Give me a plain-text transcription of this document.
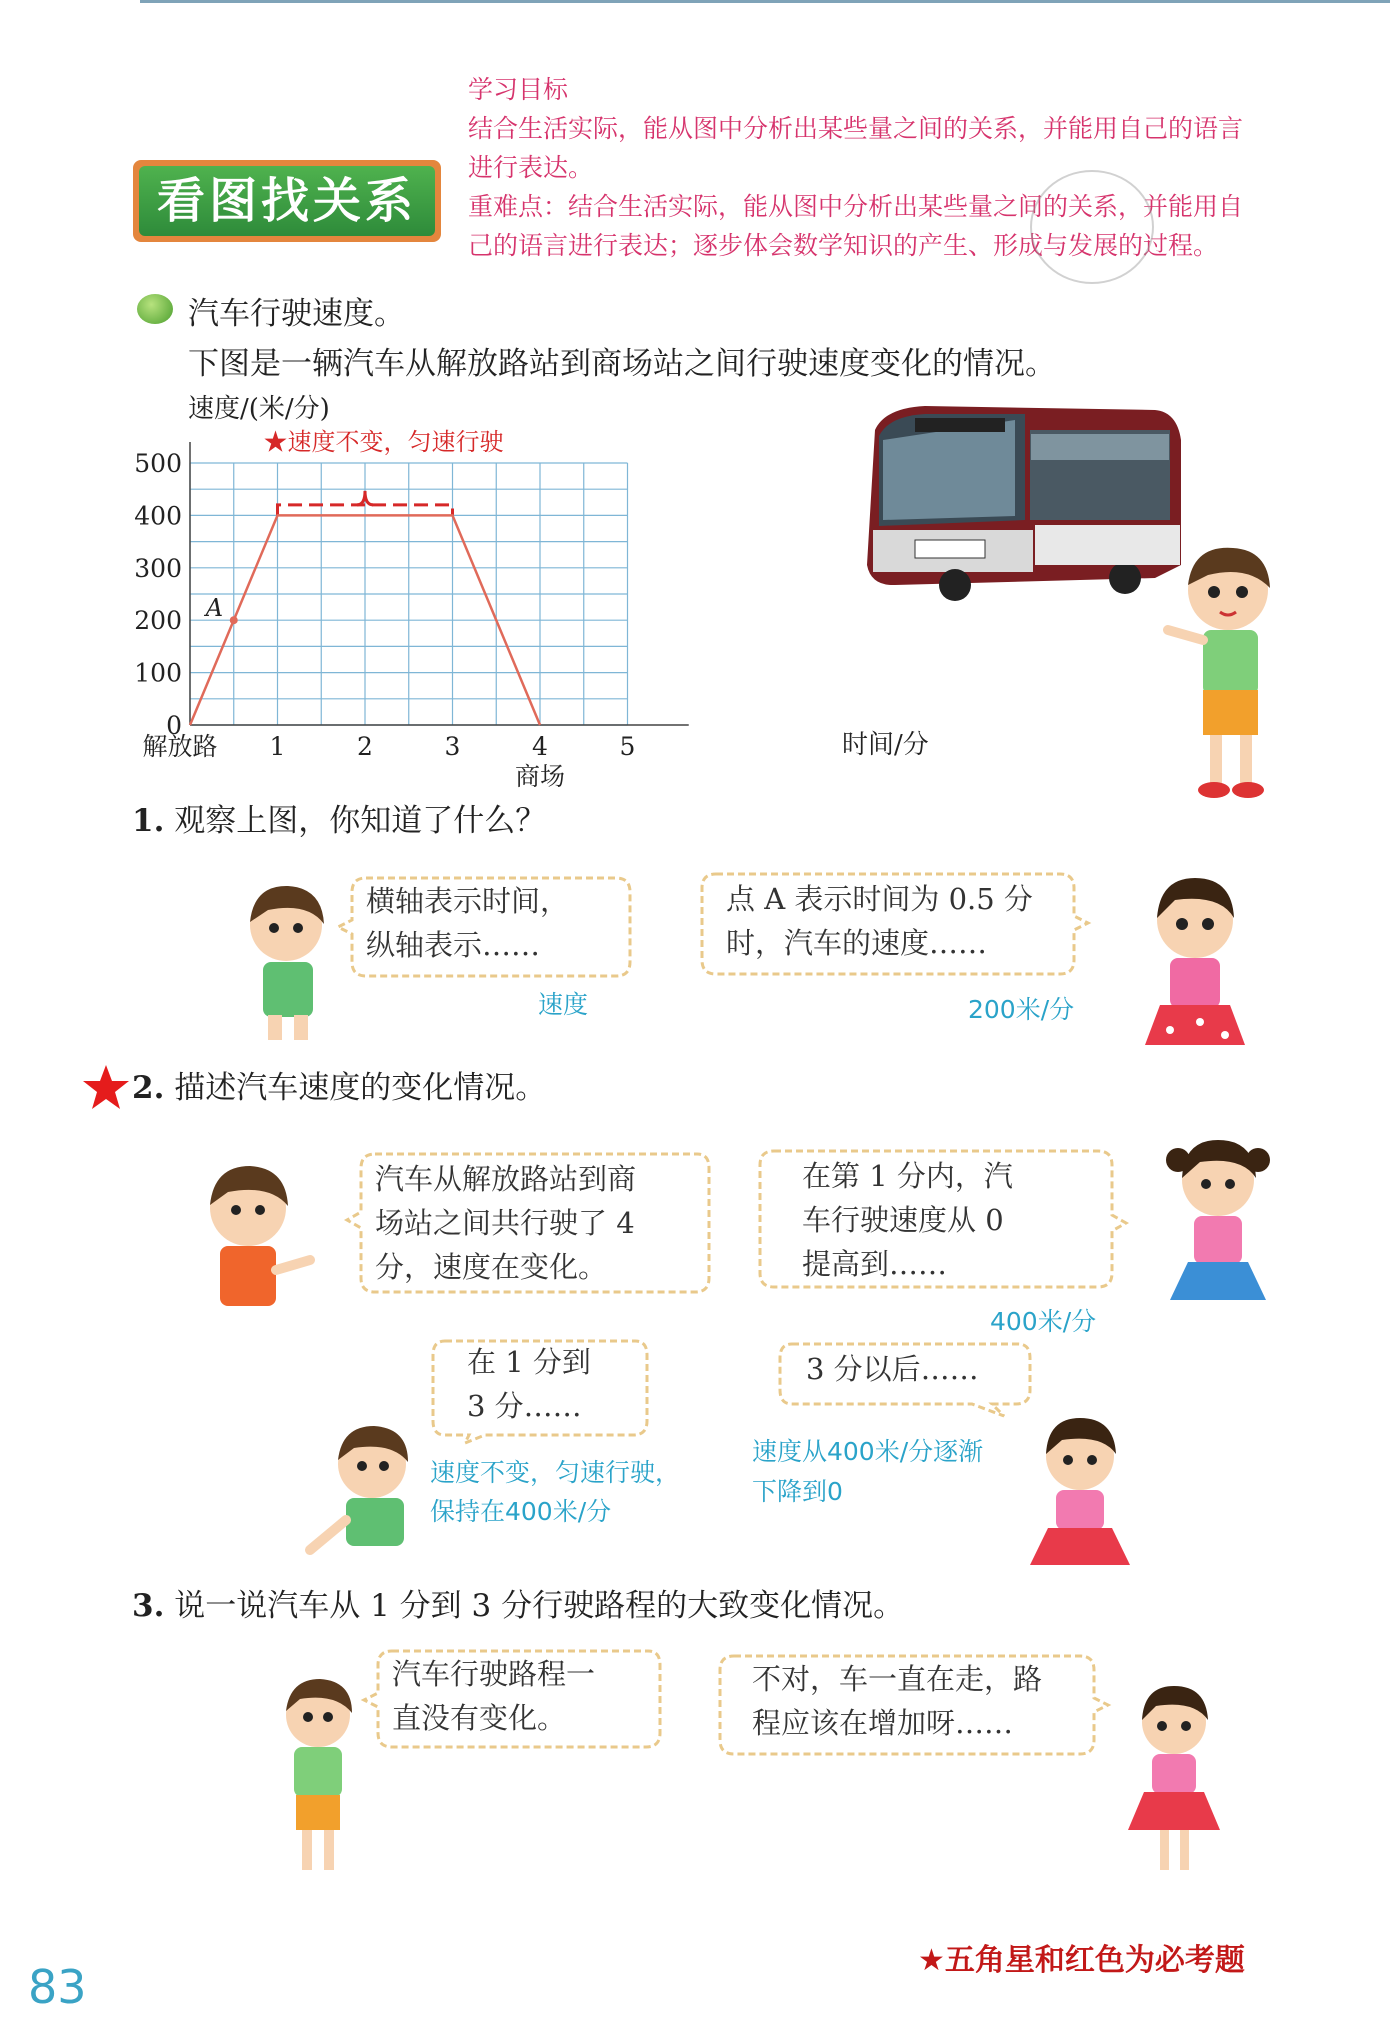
看图找关系

学习目标

结合生活实际，能从图中分析出某些量之间的关系，并能用自己的语言

进行表达。

重难点：结合生活实际，能从图中分析出某些量之间的关系，并能用自

己的语言进行表达；逐步体会数学知识的产生、形成与发展的过程。

汽车行驶速度。
下图是一辆汽车从解放路站到商场站之间行驶速度变化的情况。
速度/(米/分)
时间/分
★速度不变，匀速行驶
0
100
200
300
400
500
解放路 1	2	3	4	5
商场
A
1. 观察上图，你知道了什么？
横轴表示时间，
纵轴表示……
速度
点 A 表示时间为 0.5 分
时，汽车的速度……
200米/分
2. 描述汽车速度的变化情况。
汽车从解放路站到商
场站之间共行驶了 4
分，速度在变化。
在第 1 分内，汽
车行驶速度从 0
提高到……
400米/分
在 1 分到
3 分……
速度不变，匀速行驶，
保持在400米/分
3 分以后……
速度从400米/分逐渐
下降到0
3. 说一说汽车从 1 分到 3 分行驶路程的大致变化情况。
汽车行驶路程一
直没有变化。
不对，车一直在走，路
程应该在增加呀……
83	★五角星和红色为必考题
